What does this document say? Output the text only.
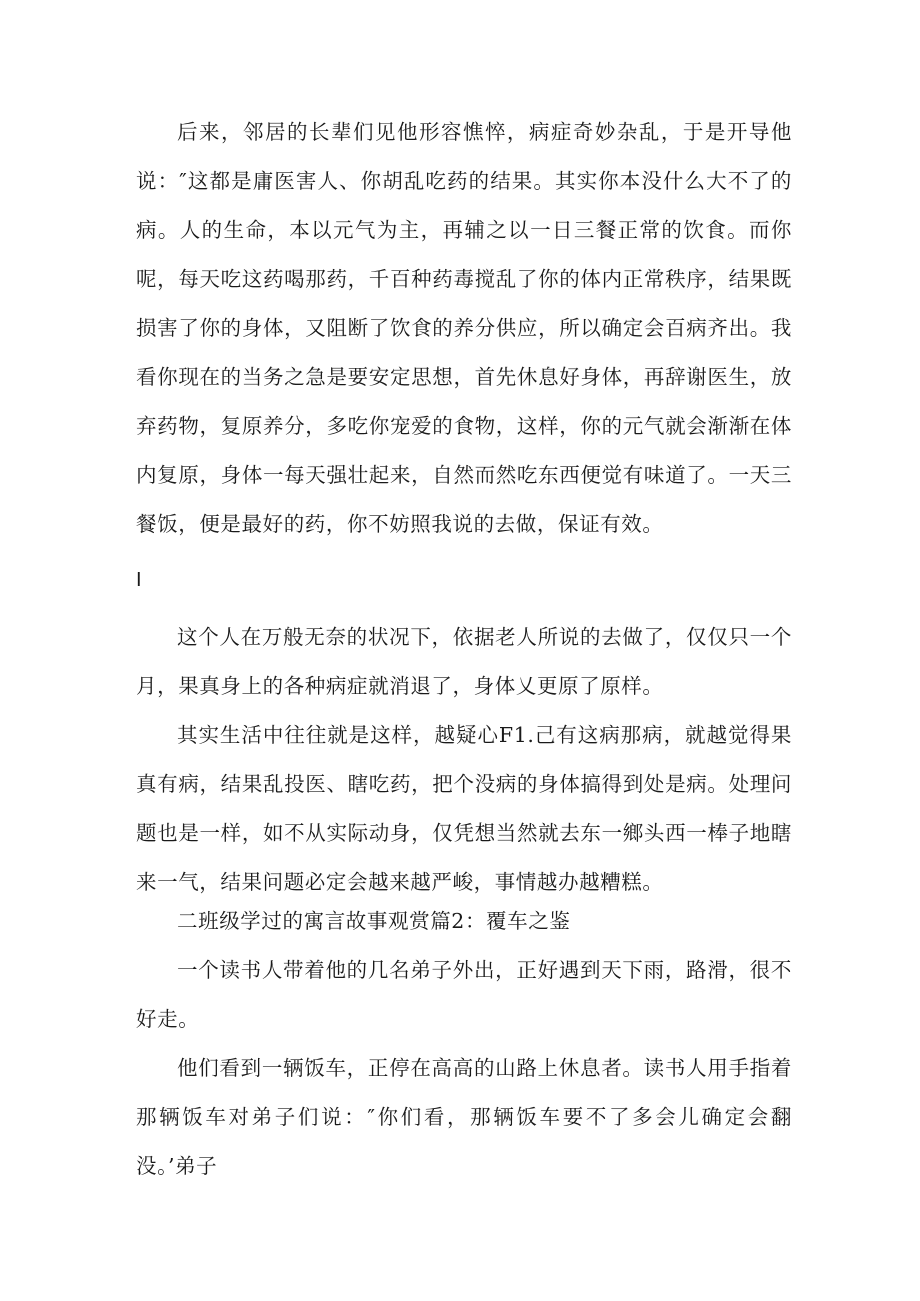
后来，邻居的长辈们见他形容憔悴，病症奇妙杂乱，于是开导他说：″这都是庸医害人、你胡乱吃药的结果。其实你本没什么大不了的病。人的生命，本以元气为主，再辅之以一日三餐正常的饮食。而你呢，每天吃这药喝那药，千百种药毒搅乱了你的体内正常秩序，结果既损害了你的身体，又阻断了饮食的养分供应，所以确定会百病齐出。我看你现在的当务之急是要安定思想，首先休息好身体，再辞谢医生，放弃药物，复原养分，多吃你宠爱的食物，这样，你的元气就会渐渐在体内复原，身体一每天强壮起来，自然而然吃东西便觉有味道了。一天三餐饭，便是最好的药，你不妨照我说的去做，保证有效。

I

这个人在万般无奈的状况下，依据老人所说的去做了，仅仅只一个月，果真身上的各种病症就消退了，身体乂更原了原样。

其实生活中往往就是这样，越疑心F1.己有这病那病，就越觉得果真有病，结果乱投医、瞎吃药，把个没病的身体搞得到处是病。处理问题也是一样，如不从实际动身，仅凭想当然就去东一鄉头西一棒子地瞎来一气，结果问题必定会越来越严峻，事情越办越糟糕。

二班级学过的寓言故事观赏篇2：覆车之鉴

一个读书人带着他的几名弟子外出，正好遇到天下雨，路滑，很不好走。

他们看到一辆饭车，正停在高高的山路上休息者。读书人用手指着那辆饭车对弟子们说：″你们看，那辆饭车要不了多会儿确定会翻没。’弟子
